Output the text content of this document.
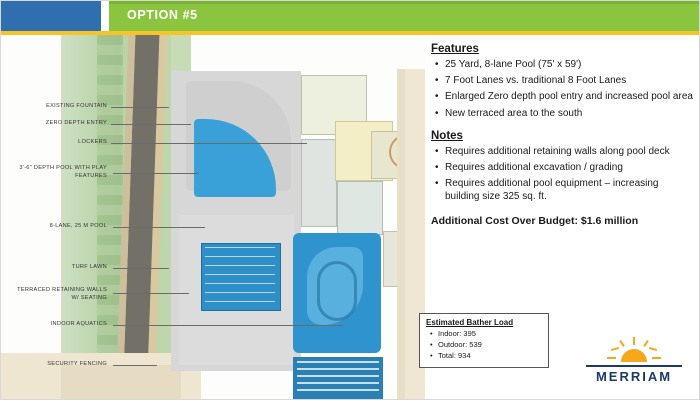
OPTION #5
EXISTING FOUNTAIN
ZERO DEPTH ENTRY
LOCKERS
3'-6" DEPTH POOL WITH PLAY FEATURES
8-LANE, 25 M POOL
TURF LAWN
TERRACED RETAINING WALLS W/ SEATING
INDOOR AQUATICS
SECURITY FENCING
Features
• 25 Yard, 8-lane Pool (75' x 59')
• 7 Foot Lanes vs. traditional 8 Foot Lanes
• Enlarged Zero depth pool entry and increased pool area
• New terraced area to the south
Notes
• Requires additional retaining walls along pool deck
• Requires additional excavation / grading
• Requires additional pool equipment – increasing building size 325 sq. ft.
Additional Cost Over Budget: $1.6 million
Estimated Bather Load
• Indoor: 395
• Outdoor: 539
• Total: 934
MERRIAM
